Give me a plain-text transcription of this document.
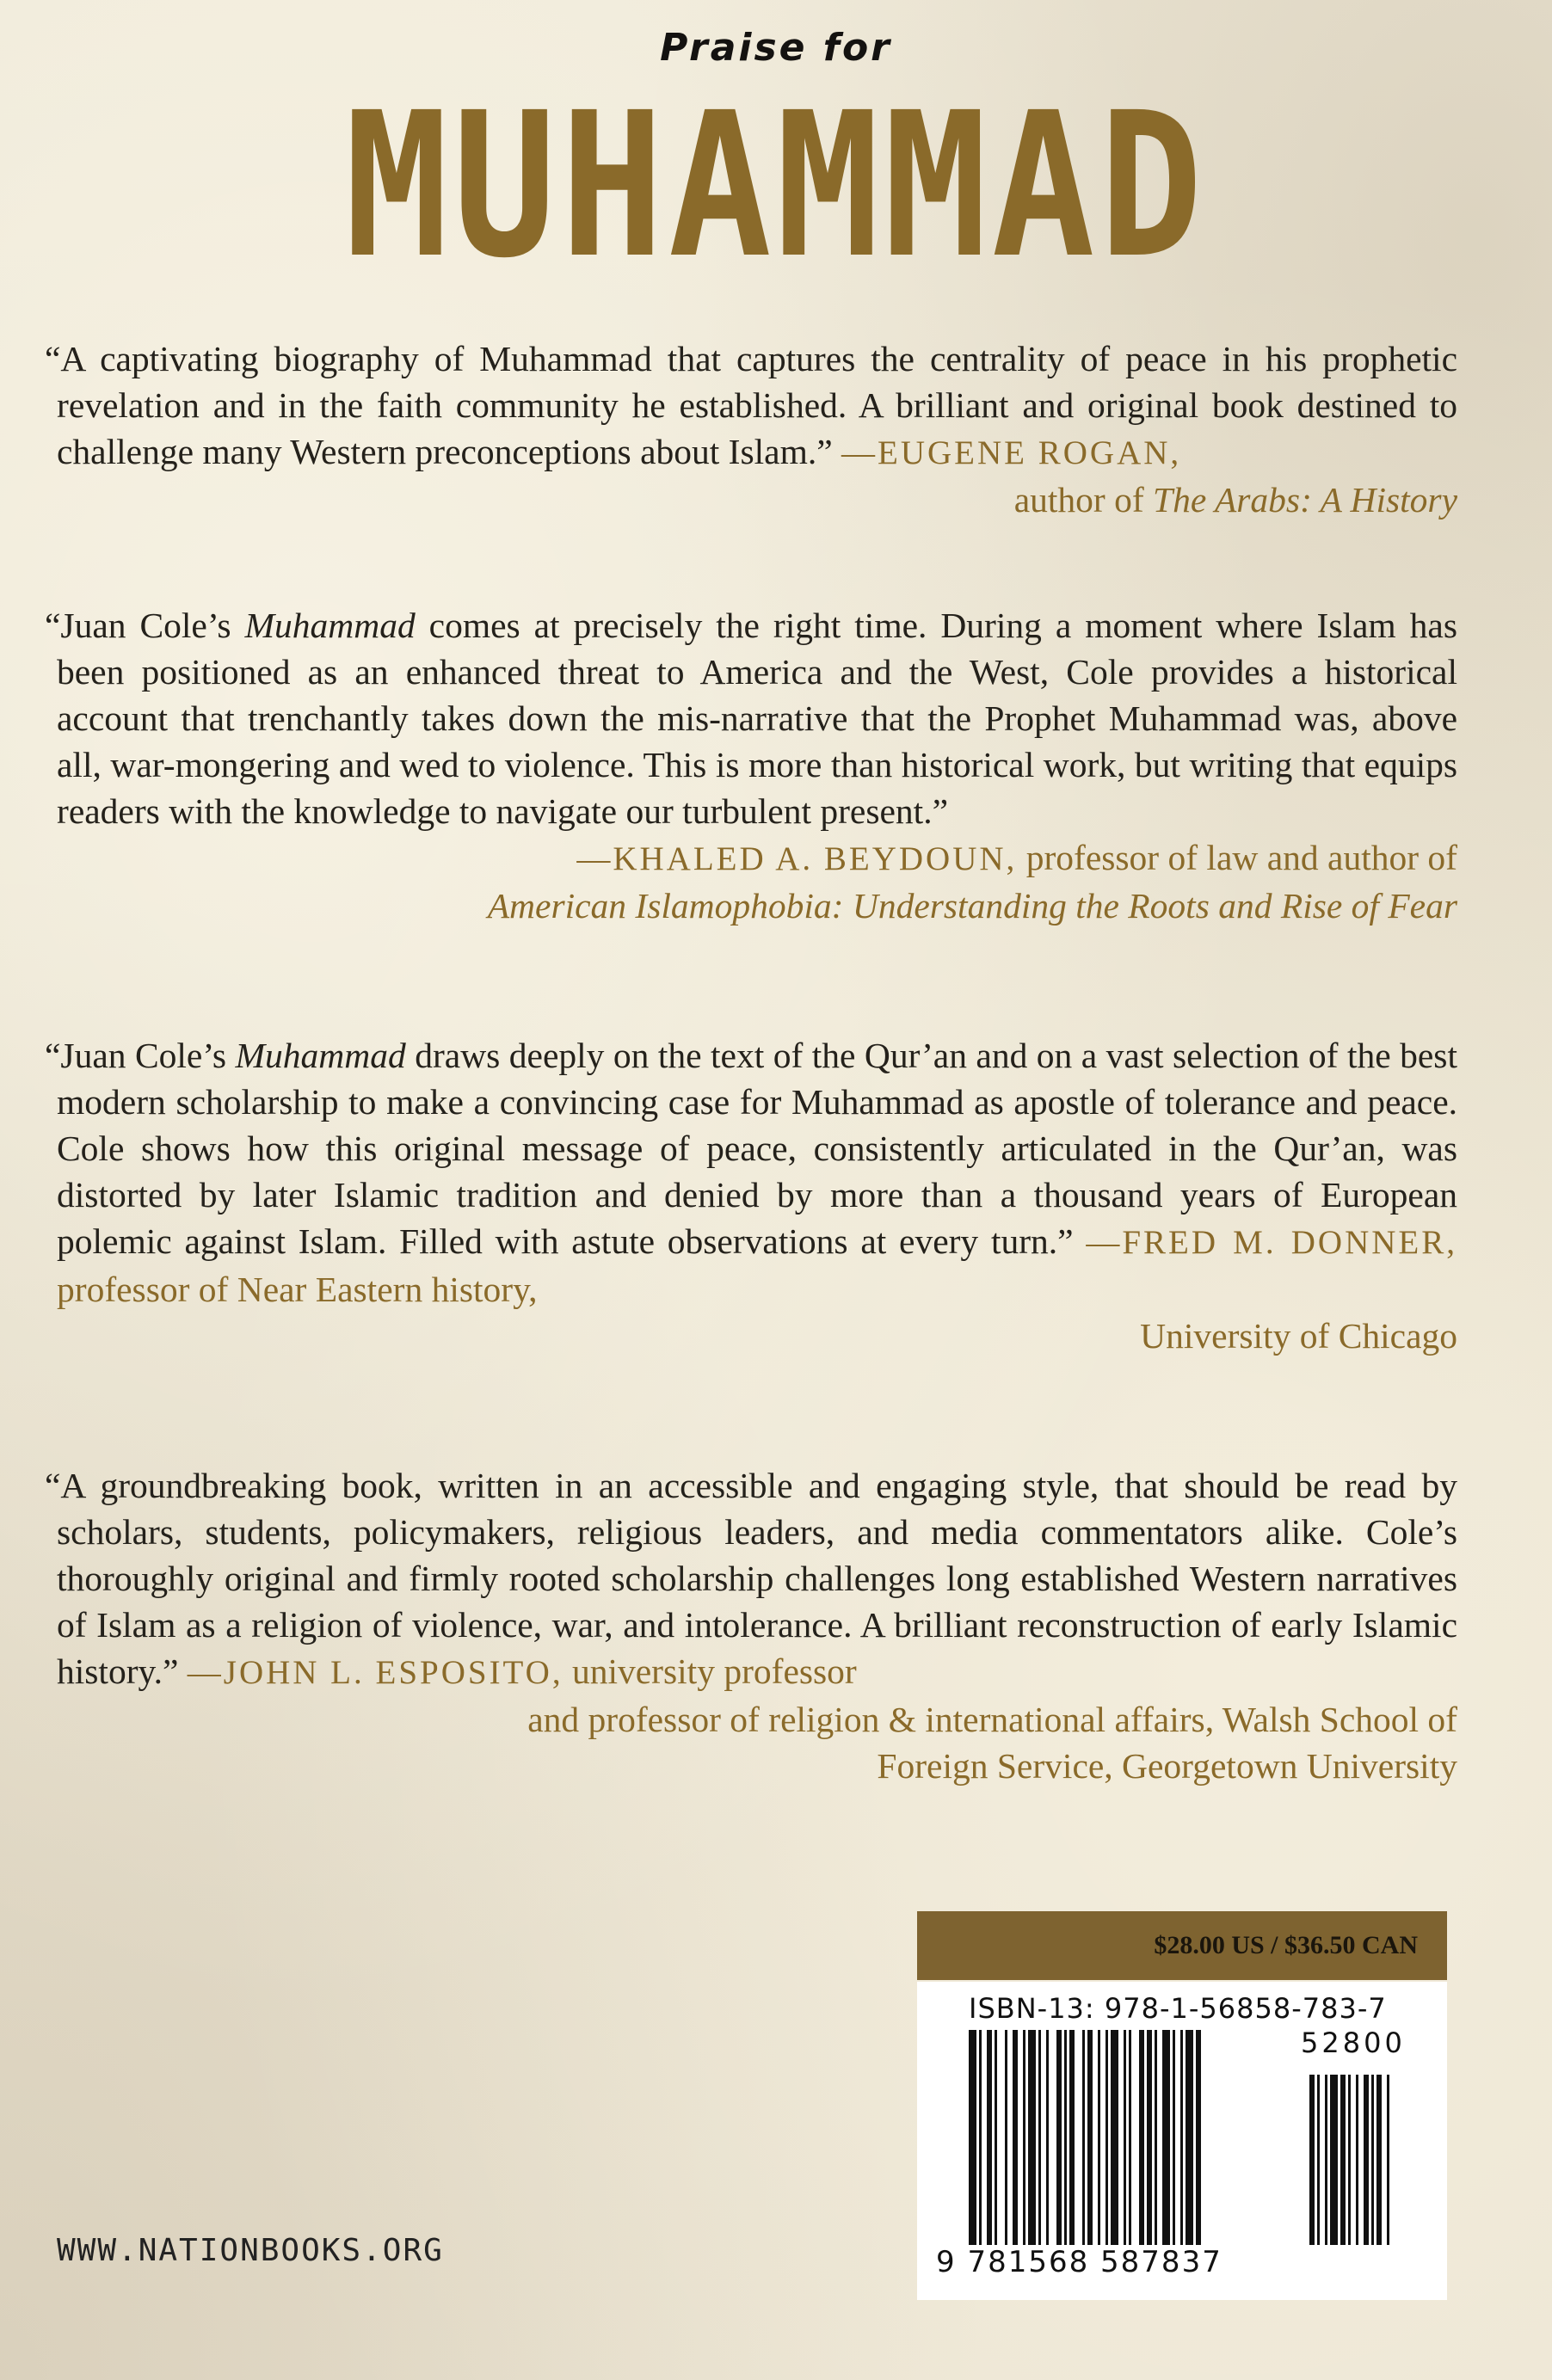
Praise for
MUHAMMAD
“A captivating biography of Muhammad that captures the centrality of peace in his prophetic revelation and in the faith community he established. A brilliant and original book destined to challenge many Western preconceptions about Islam.” —EUGENE ROGAN,
author of The Arabs: A History
“Juan Cole’s Muhammad comes at precisely the right time. During a moment where Islam has been positioned as an enhanced threat to America and the West, Cole provides a historical account that trenchantly takes down the mis-narrative that the Prophet Muhammad was, above all, war-mongering and wed to violence. This is more than historical work, but writing that equips readers with the knowledge to navigate our turbulent present.”
—KHALED A. BEYDOUN, professor of law and author of
American Islamophobia: Understanding the Roots and Rise of Fear
“Juan Cole’s Muhammad draws deeply on the text of the Qur’an and on a vast selection of the best modern scholarship to make a convincing case for Muhammad as apostle of tolerance and peace. Cole shows how this original message of peace, consistently articulated in the Qur’an, was distorted by later Islamic tradition and denied by more than a thousand years of European polemic against Islam. Filled with astute observations at every turn.” —FRED M. DONNER, professor of Near Eastern history,
University of Chicago
“A groundbreaking book, written in an accessible and engaging style, that should be read by scholars, students, policymakers, religious leaders, and media commentators alike. Cole’s thoroughly original and firmly rooted scholarship challenges long established Western narratives of Islam as a religion of violence, war, and intolerance. A brilliant reconstruction of early Islamic history.” —JOHN L. ESPOSITO, university professor
and professor of religion & international affairs, Walsh School of
Foreign Service, Georgetown University
$28.00 US / $36.50 CAN
ISBN-13: 978-1-56858-783-7
52800
9 781568 587837
WWW.NATIONBOOKS.ORG
